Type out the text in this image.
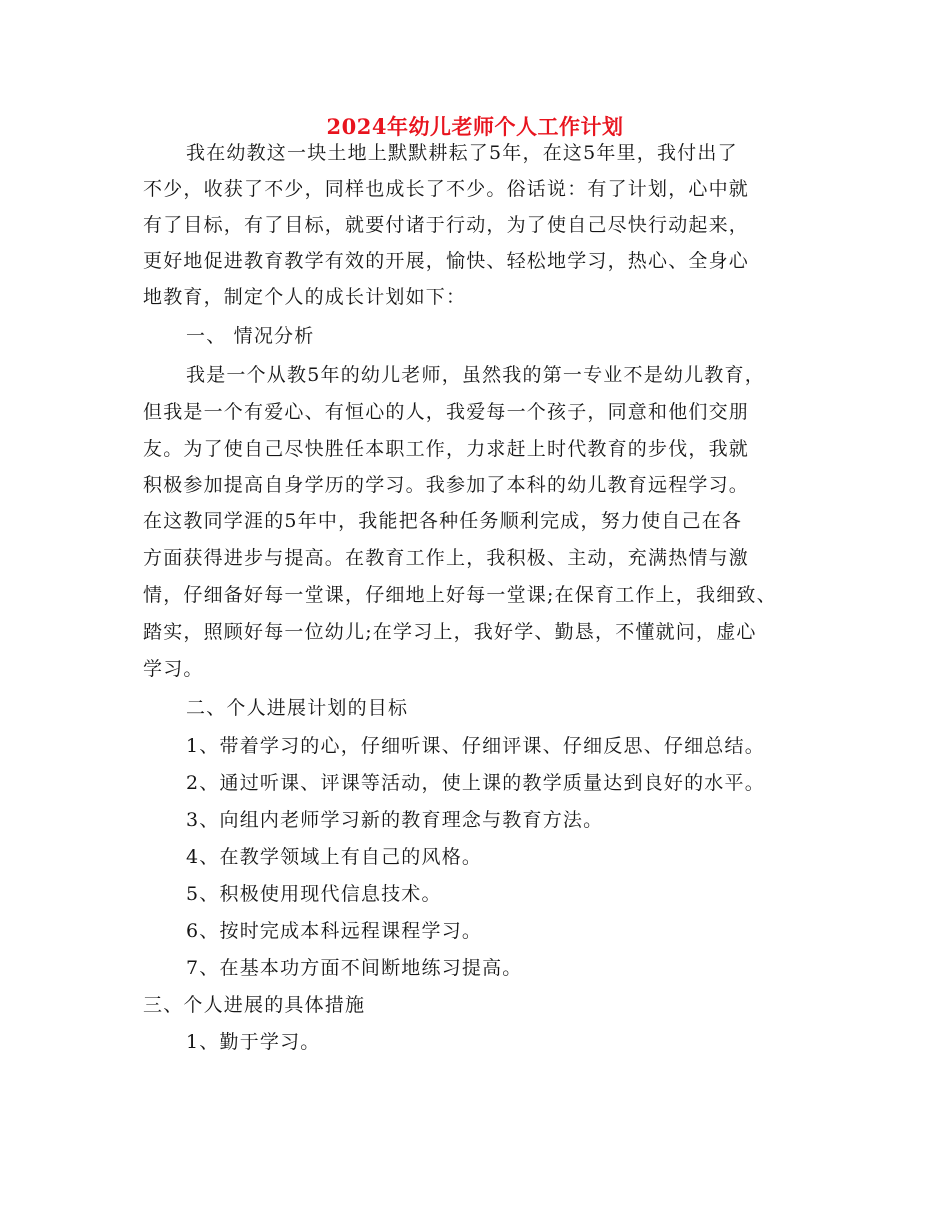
2024年幼儿老师个人工作计划
我在幼教这一块土地上默默耕耘了5年，在这5年里，我付出了
不少，收获了不少，同样也成长了不少。俗话说：有了计划，心中就
有了目标，有了目标，就要付诸于行动，为了使自己尽快行动起来，
更好地促进教育教学有效的开展，愉快、轻松地学习，热心、全身心
地教育，制定个人的成长计划如下：
一、 情况分析
我是一个从教5年的幼儿老师，虽然我的第一专业不是幼儿教育，
但我是一个有爱心、有恒心的人，我爱每一个孩子，同意和他们交朋
友。为了使自己尽快胜任本职工作，力求赶上时代教育的步伐，我就
积极参加提高自身学历的学习。我参加了本科的幼儿教育远程学习。
在这教同学涯的5年中，我能把各种任务顺利完成，努力使自己在各
方面获得进步与提高。在教育工作上，我积极、主动，充满热情与激
情，仔细备好每一堂课，仔细地上好每一堂课;在保育工作上，我细致、
踏实，照顾好每一位幼儿;在学习上，我好学、勤恳，不懂就问，虚心
学习。
二、个人进展计划的目标
1、带着学习的心，仔细听课、仔细评课、仔细反思、仔细总结。
2、通过听课、评课等活动，使上课的教学质量达到良好的水平。
3、向组内老师学习新的教育理念与教育方法。
4、在教学领域上有自己的风格。
5、积极使用现代信息技术。
6、按时完成本科远程课程学习。
7、在基本功方面不间断地练习提高。
三、个人进展的具体措施
1、勤于学习。
